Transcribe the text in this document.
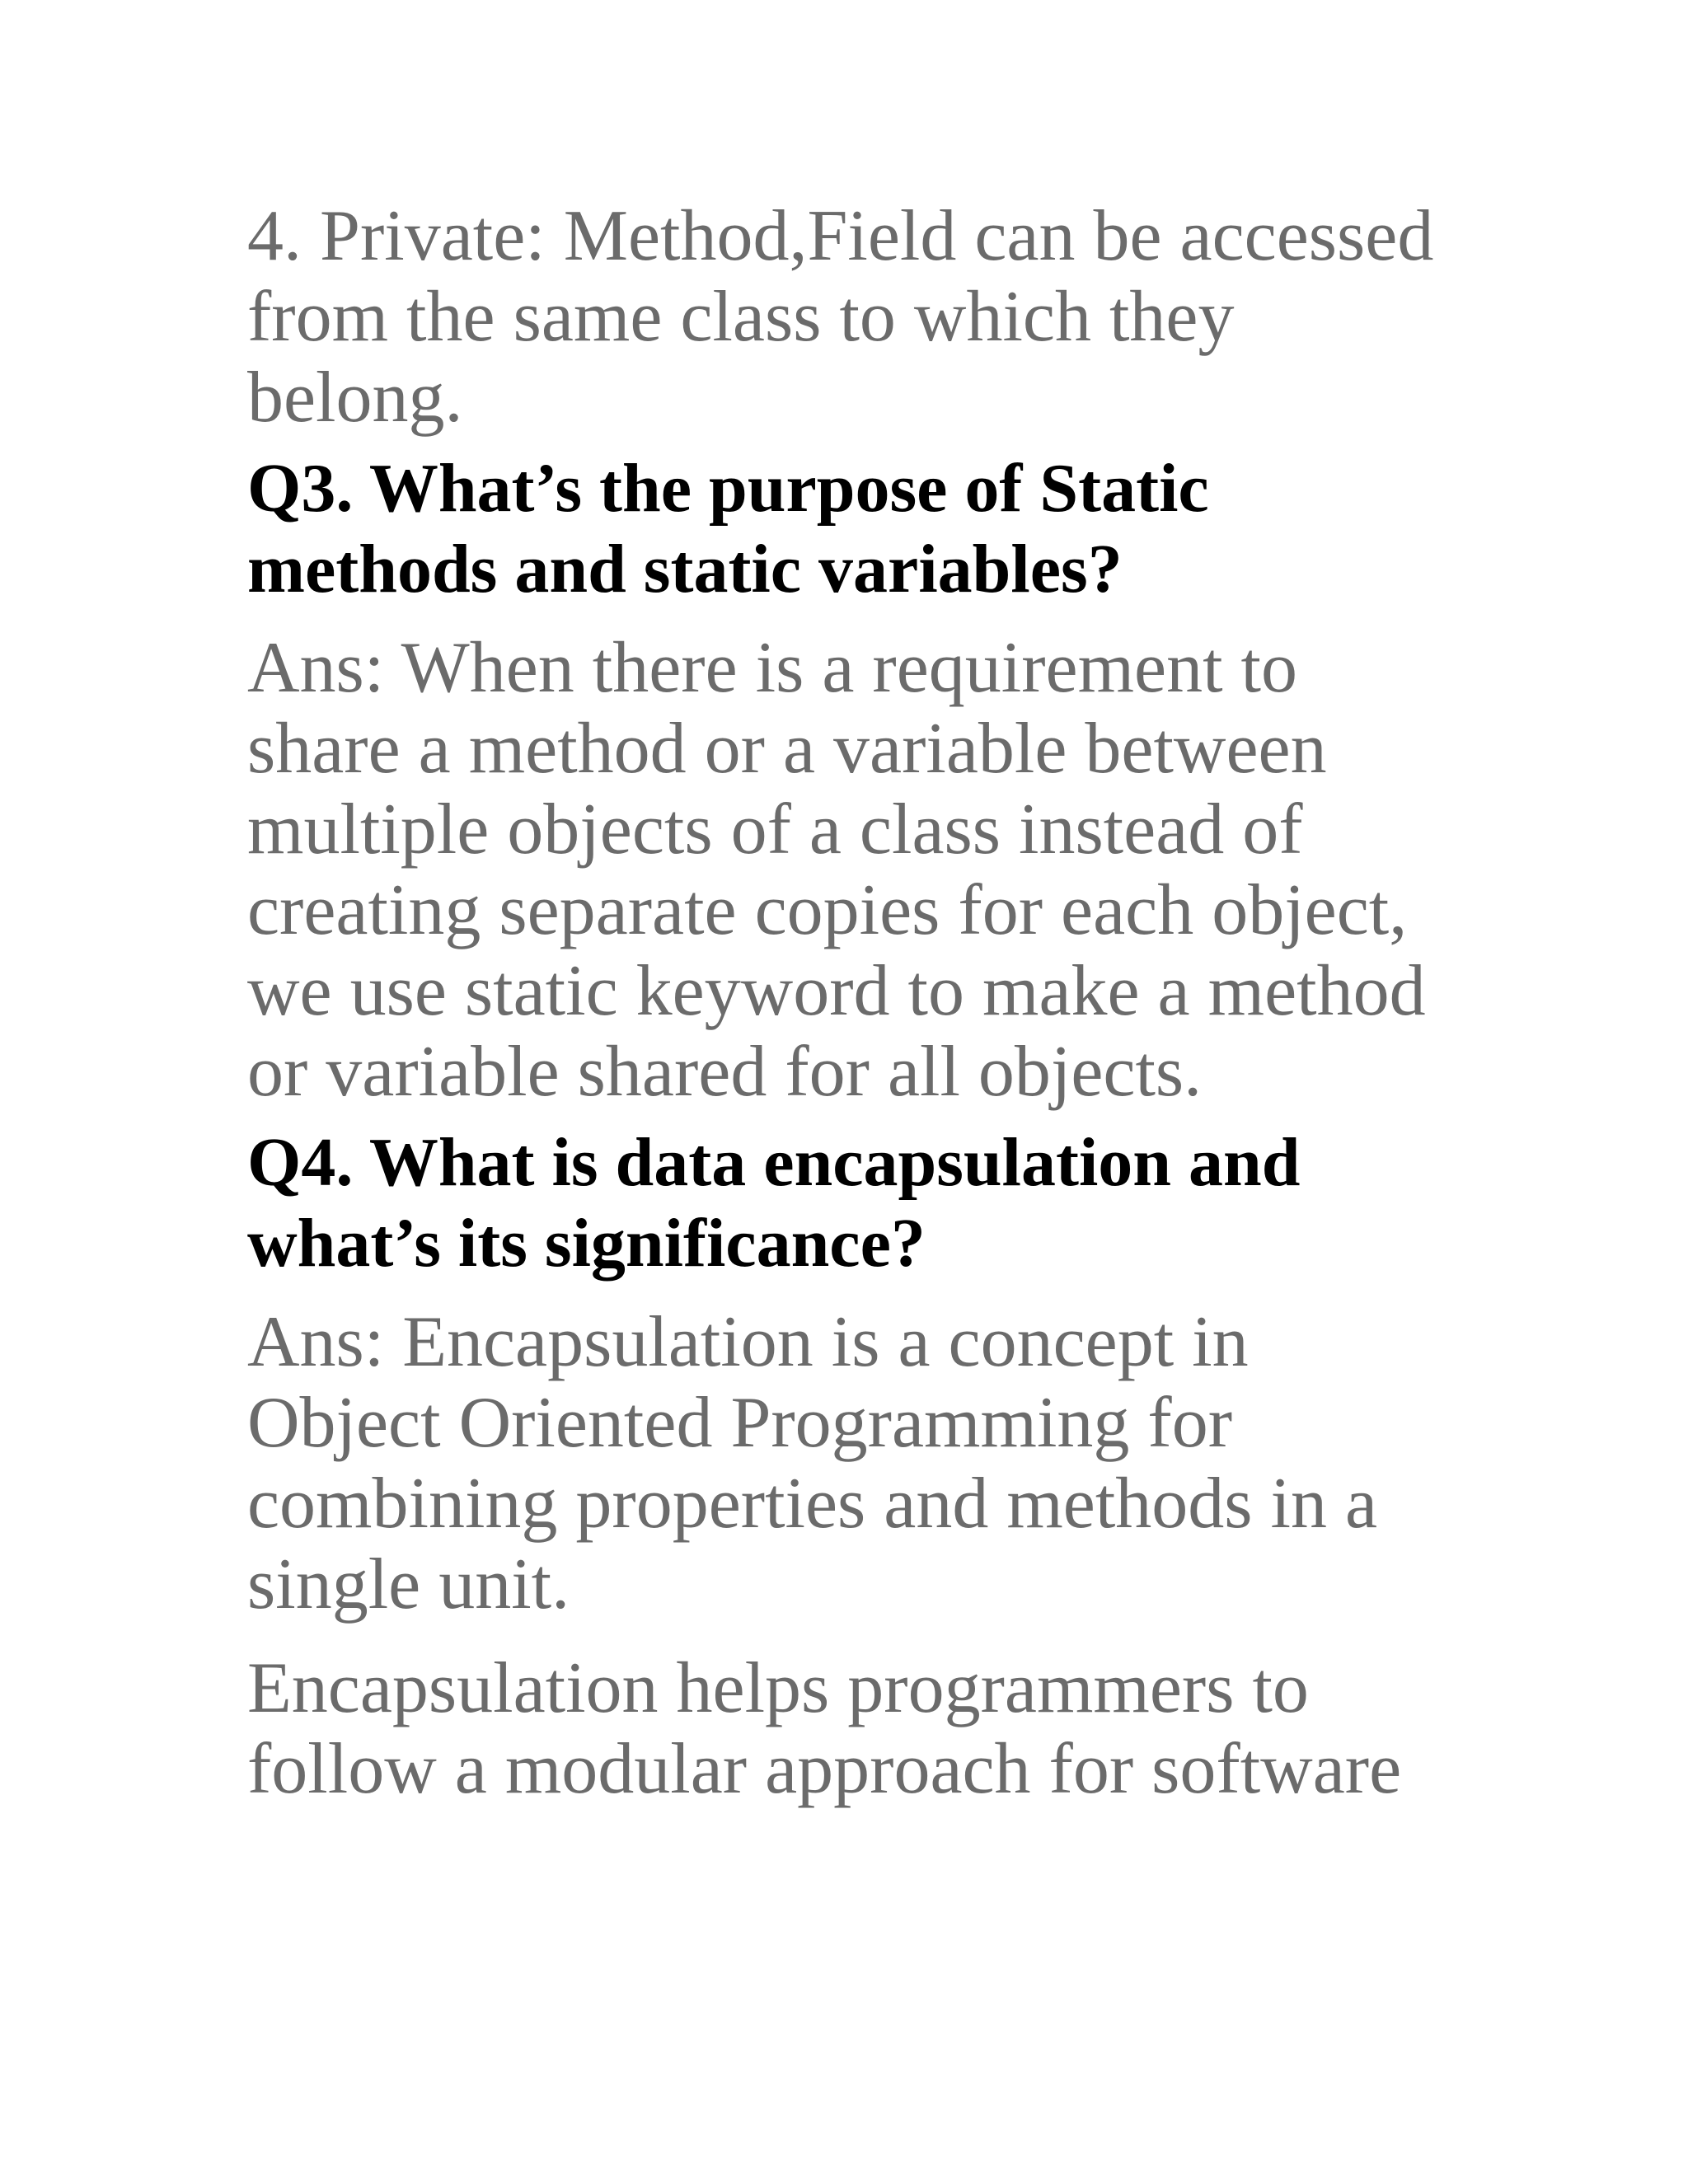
4. Private: Method,Field can be accessed
from the same class to which they
belong.

Q3. What’s the purpose of Static
methods and static variables?

Ans: When there is a requirement to
share a method or a variable between
multiple objects of a class instead of
creating separate copies for each object,
we use static keyword to make a method
or variable shared for all objects.

Q4. What is data encapsulation and
what’s its significance?

Ans: Encapsulation is a concept in
Object Oriented Programming for
combining properties and methods in a
single unit.

Encapsulation helps programmers to
follow a modular approach for software
